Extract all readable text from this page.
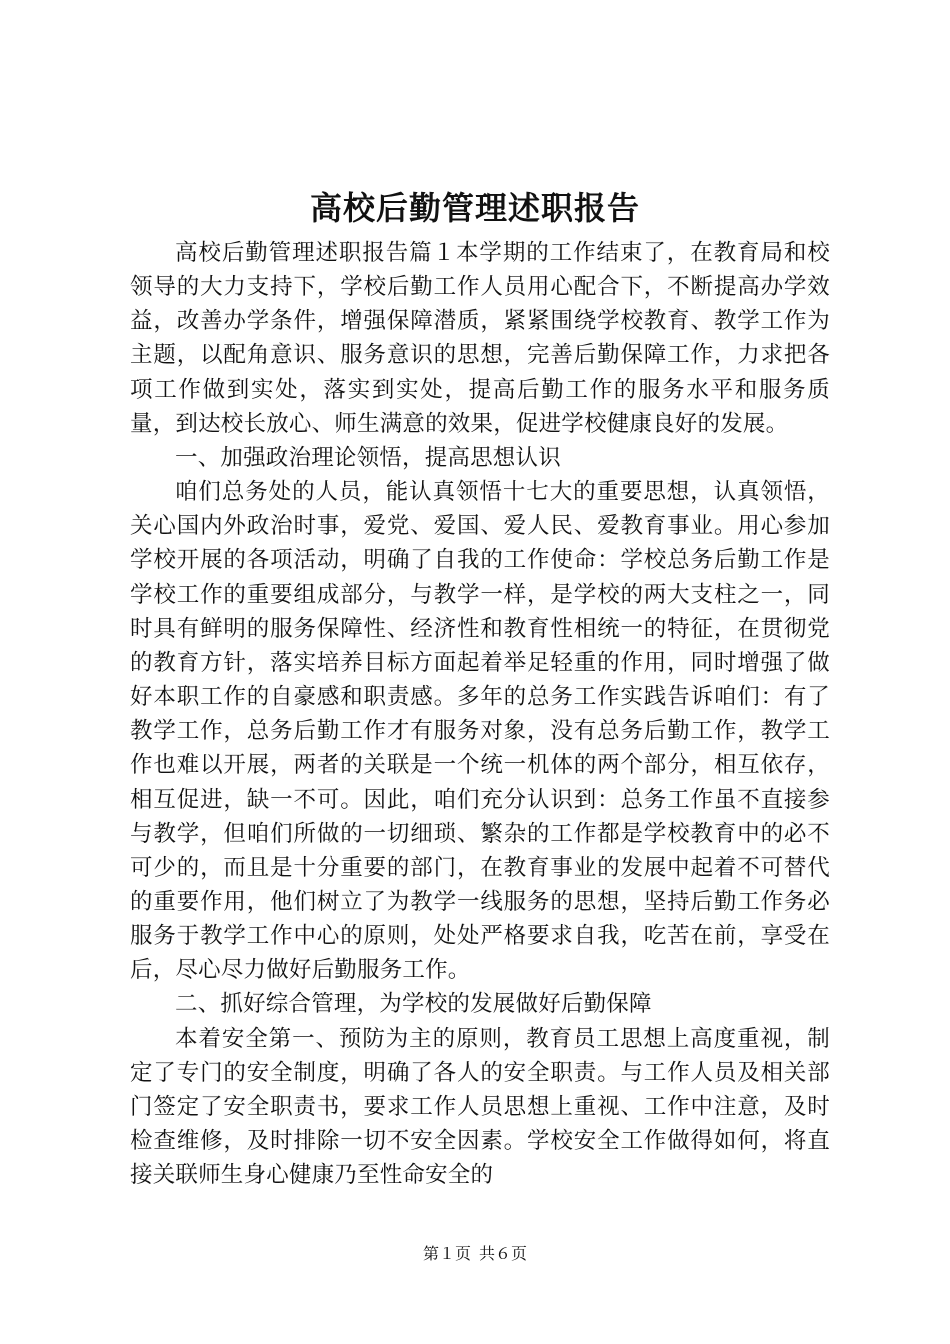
高校后勤管理述职报告

高校后勤管理述职报告篇１本学期的工作结束了，在教育局和校领导的大力支持下，学校后勤工作人员用心配合下，不断提高办学效益，改善办学条件，增强保障潜质，紧紧围绕学校教育、教学工作为主题，以配角意识、服务意识的思想，完善后勤保障工作，力求把各项工作做到实处，落实到实处，提高后勤工作的服务水平和服务质量，到达校长放心、师生满意的效果，促进学校健康良好的发展。

一、加强政治理论领悟，提高思想认识

咱们总务处的人员，能认真领悟十七大的重要思想，认真领悟，关心国内外政治时事，爱党、爱国、爱人民、爱教育事业。用心参加学校开展的各项活动，明确了自我的工作使命：学校总务后勤工作是学校工作的重要组成部分，与教学一样，是学校的两大支柱之一，同时具有鲜明的服务保障性、经济性和教育性相统一的特征，在贯彻党的教育方针，落实培养目标方面起着举足轻重的作用，同时增强了做好本职工作的自豪感和职责感。多年的总务工作实践告诉咱们：有了教学工作，总务后勤工作才有服务对象，没有总务后勤工作，教学工作也难以开展，两者的关联是一个统一机体的两个部分，相互依存，相互促进，缺一不可。因此，咱们充分认识到：总务工作虽不直接参与教学，但咱们所做的一切细琐、繁杂的工作都是学校教育中的必不可少的，而且是十分重要的部门，在教育事业的发展中起着不可替代的重要作用，他们树立了为教学一线服务的思想，坚持后勤工作务必服务于教学工作中心的原则，处处严格要求自我，吃苦在前，享受在后，尽心尽力做好后勤服务工作。

二、抓好综合管理，为学校的发展做好后勤保障

本着安全第一、预防为主的原则，教育员工思想上高度重视，制定了专门的安全制度，明确了各人的安全职责。与工作人员及相关部门签定了安全职责书，要求工作人员思想上重视、工作中注意，及时检查维修，及时排除一切不安全因素。学校安全工作做得如何，将直接关联师生身心健康乃至性命安全的

第１页 共６页
